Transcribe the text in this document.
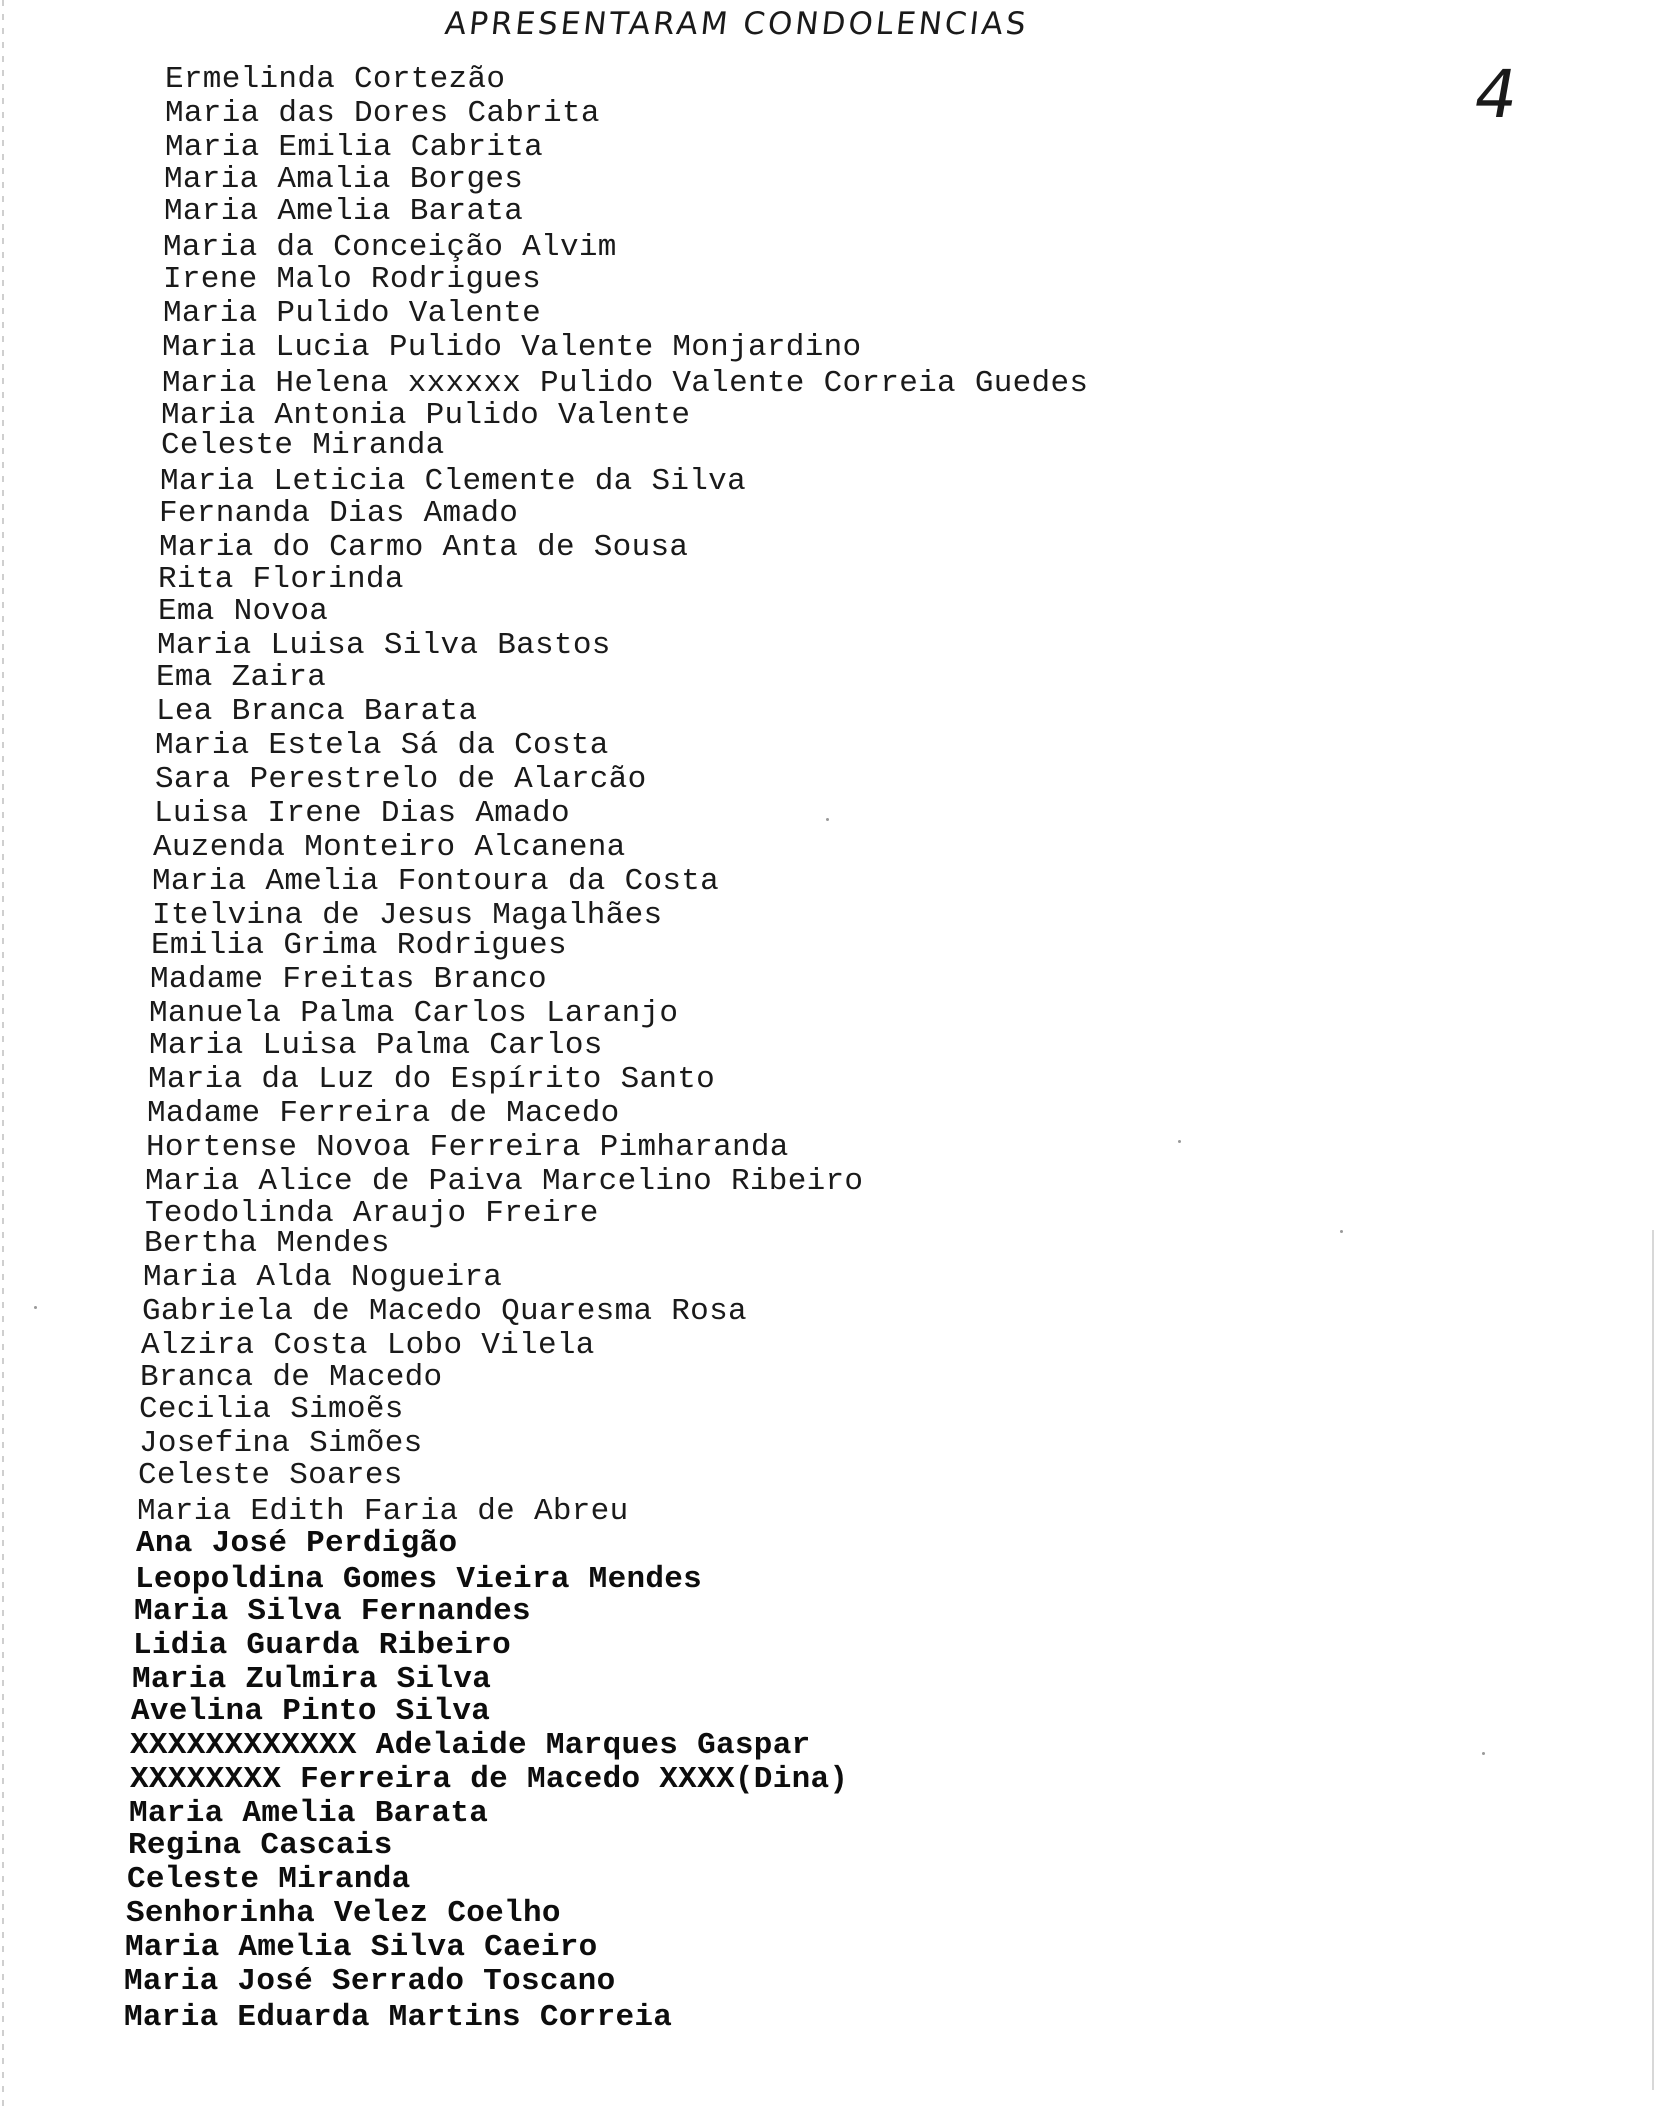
APRESENTARAM CONDOLENCIAS
4
Ermelinda Cortezão
Maria das Dores Cabrita
Maria Emilia Cabrita
Maria Amalia Borges
Maria Amelia Barata
Maria da Conceição Alvim
Irene Malo Rodrigues
Maria Pulido Valente
Maria Lucia Pulido Valente Monjardino
Maria Helena xxxxxx Pulido Valente Correia Guedes
Maria Antonia Pulido Valente
Celeste Miranda
Maria Leticia Clemente da Silva
Fernanda Dias Amado
Maria do Carmo Anta de Sousa
Rita Florinda
Ema Novoa
Maria Luisa Silva Bastos
Ema Zaira
Lea Branca Barata
Maria Estela Sá da Costa
Sara Perestrelo de Alarcão
Luisa Irene Dias Amado
Auzenda Monteiro Alcanena
Maria Amelia Fontoura da Costa
Itelvina de Jesus Magalhães
Emilia Grima Rodrigues
Madame Freitas Branco
Manuela Palma Carlos Laranjo
Maria Luisa Palma Carlos
Maria da Luz do Espírito Santo
Madame Ferreira de Macedo
Hortense Novoa Ferreira Pimharanda
Maria Alice de Paiva Marcelino Ribeiro
Teodolinda Araujo Freire
Bertha Mendes
Maria Alda Nogueira
Gabriela de Macedo Quaresma Rosa
Alzira Costa Lobo Vilela
Branca de Macedo
Cecilia Simoẽs
Josefina Simões
Celeste Soares
Maria Edith Faria de Abreu
Ana José Perdigão
Leopoldina Gomes Vieira Mendes
Maria Silva Fernandes
Lidia Guarda Ribeiro
Maria Zulmira Silva
Avelina Pinto Silva
XXXXXXXXXXXX Adelaide Marques Gaspar
XXXXXXXX Ferreira de Macedo XXXX(Dina)
Maria Amelia Barata
Regina Cascais
Celeste Miranda
Senhorinha Velez Coelho
Maria Amelia Silva Caeiro
Maria José Serrado Toscano
Maria Eduarda Martins Correia
